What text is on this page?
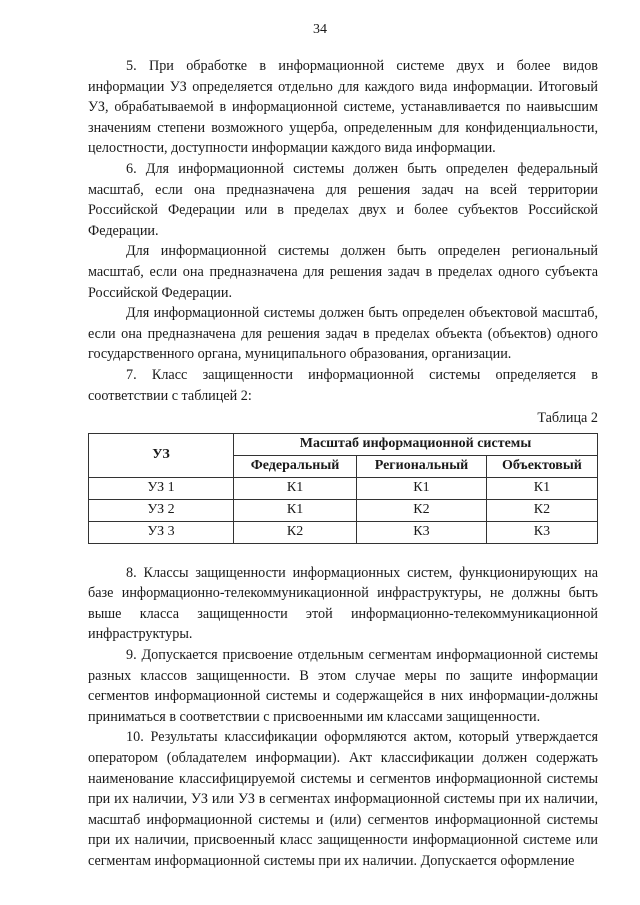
34

5. При обработке в информационной системе двух и более видов информации УЗ определяется отдельно для каждого вида информации. Итоговый УЗ, обрабатываемой в информационной системе, устанавливается по наивысшим значениям степени возможного ущерба, определенным для конфиденциальности, целостности, доступности информации каждого вида информации.

6. Для информационной системы должен быть определен федеральный масштаб, если она предназначена для решения задач на всей территории Российской Федерации или в пределах двух и более субъектов Российской Федерации.

Для информационной системы должен быть определен региональный масштаб, если она предназначена для решения задач в пределах одного субъекта Российской Федерации.

Для информационной системы должен быть определен объектовой масштаб, если она предназначена для решения задач в пределах объекта (объектов) одного государственного органа, муниципального образования, организации.

7. Класс защищенности информационной системы определяется в соответствии с таблицей 2:

Таблица 2
УЗ	Масштаб информационной системы		
	Федеральный	Региональный	Объектовый
УЗ 1	К1	К1	К1
УЗ 2	К1	К2	К2
УЗ 3	К2	К3	К3

8. Классы защищенности информационных систем, функционирующих на базе информационно-телекоммуникационной инфраструктуры, не должны быть выше класса защищенности этой информационно-телекоммуникационной инфраструктуры.

9. Допускается присвоение отдельным сегментам информационной системы разных классов защищенности. В этом случае меры по защите информации сегментов информационной системы и содержащейся в них информации-должны приниматься в соответствии с присвоенными им классами защищенности.

10. Результаты классификации оформляются актом, который утверждается оператором (обладателем информации). Акт классификации должен содержать наименование классифицируемой системы и сегментов информационной системы при их наличии, УЗ или УЗ в сегментах информационной системы при их наличии, масштаб информационной системы и (или) сегментов информационной системы при их наличии, присвоенный класс защищенности информационной системе или сегментам информационной системы при их наличии. Допускается оформление
